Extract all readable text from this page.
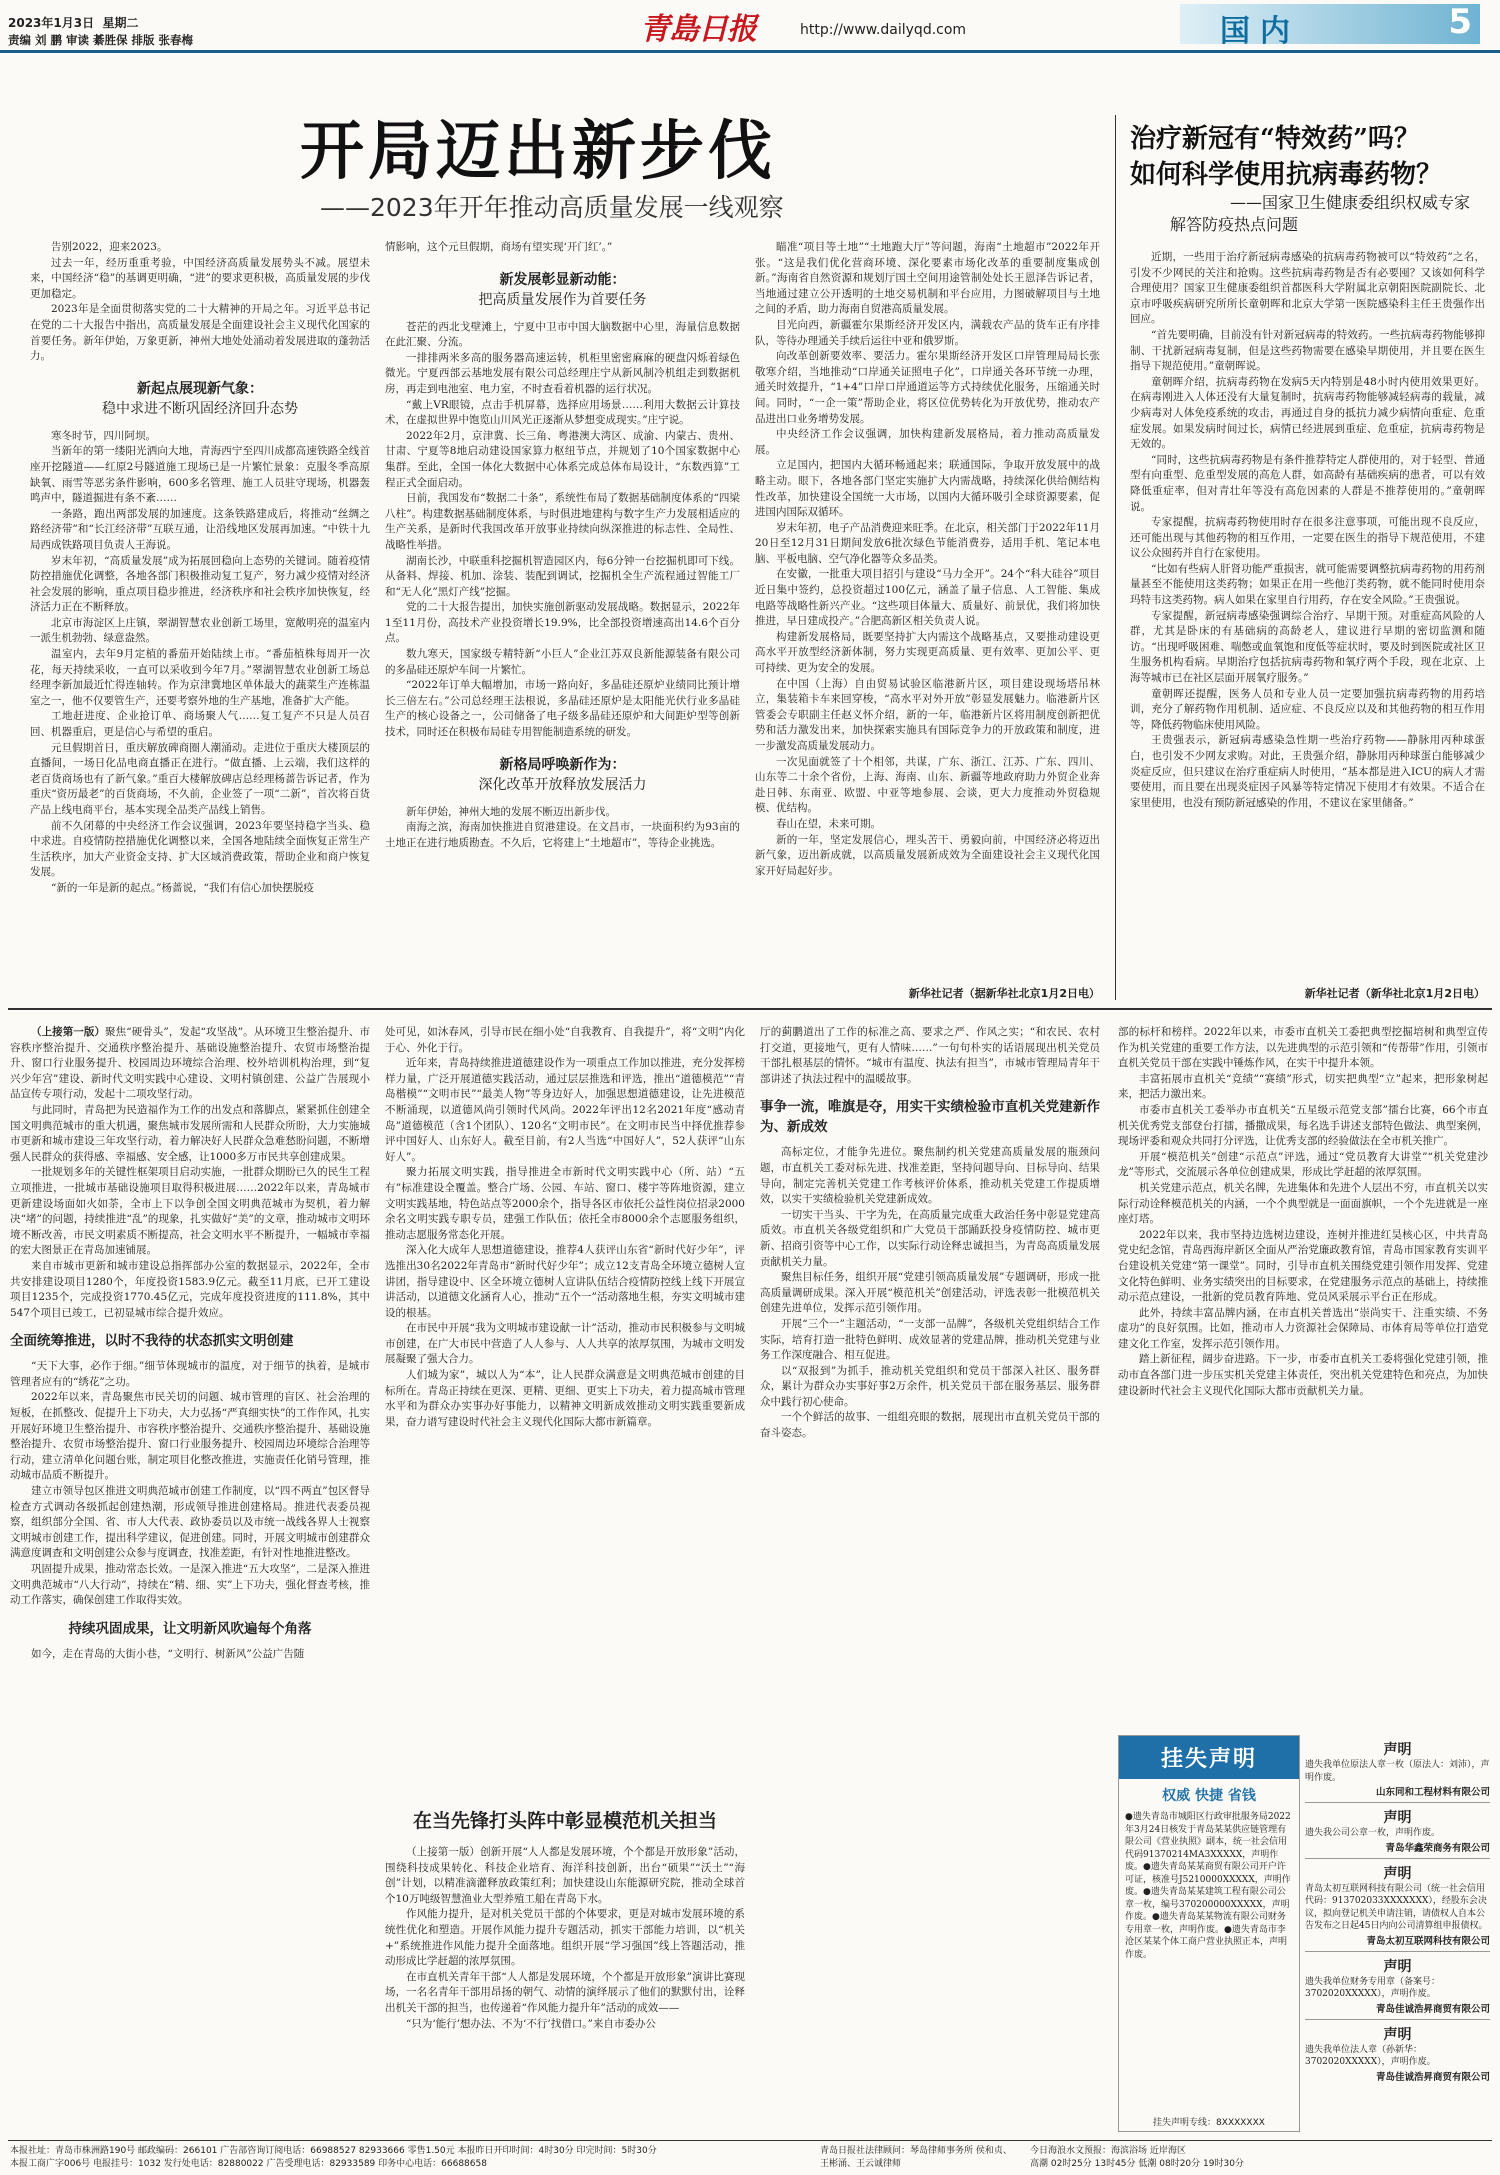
2023年1月3日 星期二
责编 刘 鹏 审读 綦胜保 排版 张春梅	青島日报	http://www.dailyqd.com	国内	5
开局迈出新步伐
——2023年开年推动高质量发展一线观察

告别2022，迎来2023。

过去一年，经历重重考验，中国经济高质量发展势头不减。展望未来，中国经济“稳”的基调更明确，“进”的要求更积极，高质量发展的步伐更加稳定。

2023年是全面贯彻落实党的二十大精神的开局之年。习近平总书记在党的二十大报告中指出，高质量发展是全面建设社会主义现代化国家的首要任务。新年伊始，万象更新，神州大地处处涌动着发展进取的蓬勃活力。

新起点展现新气象：
稳中求进不断巩固经济回升态势

寒冬时节，四川阿坝。

当新年的第一缕阳光洒向大地，青海西宁至四川成都高速铁路全线首座开挖隧道——红原2号隧道施工现场已是一片繁忙景象：克服冬季高原缺氧、雨雪等恶劣条件影响，600多名管理、施工人员驻守现场，机器轰鸣声中，隧道掘进有条不紊……

一条路，跑出两部发展的加速度。这条铁路建成后，将推动“丝绸之路经济带”和“长江经济带”互联互通，让沿线地区发展再加速。“中铁十九局西成铁路项目负责人王海说。

岁末年初，“高质量发展”成为拓展回稳向上态势的关键词。随着疫情防控措施优化调整，各地各部门积极推动复工复产，努力减少疫情对经济社会发展的影响，重点项目稳步推进，经济秩序和社会秩序加快恢复，经济活力正在不断释放。

北京市海淀区上庄镇，翠湖智慧农业创新工场里，宽敞明亮的温室内一派生机勃勃、绿意盎然。

温室内，去年9月定植的番茄开始陆续上市。“番茄植株每周开一次花，每天持续采收，一直可以采收到今年7月。”翠湖智慧农业创新工场总经理李新加最近忙得连轴转。作为京津冀地区单体最大的蔬菜生产连栋温室之一，他不仅要管生产，还要考察外地的生产基地，准备扩大产能。

工地赶进度、企业抢订单、商场聚人气……复工复产不只是人员召回、机器重启，更是信心与希望的重启。

元旦假期首日，重庆解放碑商圈人潮涌动。走进位于重庆大楼顶层的直播间，一场日化品电商直播正在进行。“做直播、上云端，我们这样的老百货商场也有了新气象。”重百大楼解放碑店总经理杨蔷告诉记者，作为重庆“资历最老”的百货商场，不久前，企业签了一项“二新”，首次将百货产品上线电商平台，基本实现全品类产品线上销售。

前不久闭幕的中央经济工作会议强调，2023年要坚持稳字当头、稳中求进。自疫情防控措施优化调整以来，全国各地陆续全面恢复正常生产生活秩序，加大产业资金支持、扩大区域消费政策，帮助企业和商户恢复发展。

“新的一年是新的起点。”杨蔷说，“我们有信心加快摆脱疫

情影响，这个元旦假期，商场有望实现‘开门红’。”

新发展彰显新动能：
把高质量发展作为首要任务

苍茫的西北戈壁滩上，宁夏中卫市中国大脑数据中心里，海量信息数据在此汇聚、分流。

一排排两米多高的服务器高速运转，机柜里密密麻麻的硬盘闪烁着绿色微光。宁夏西部云基地发展有限公司总经理庄宁从新风制冷机组走到数据机房，再走到电池室、电力室，不时查看着机器的运行状况。

“戴上VR眼镜，点击手机屏幕，选择应用场景……利用大数据云计算技术，在虚拟世界中饱览山川风光正逐渐从梦想变成现实。”庄宁说。

2022年2月，京津冀、长三角、粤港澳大湾区、成渝、内蒙古、贵州、甘肃、宁夏等8地启动建设国家算力枢纽节点，并规划了10个国家数据中心集群。至此，全国一体化大数据中心体系完成总体布局设计，“东数西算”工程正式全面启动。

日前，我国发布“数据二十条”，系统性布局了数据基础制度体系的“四梁八柱”。构建数据基础制度体系，与时俱进地建构与数字生产力发展相适应的生产关系，是新时代我国改革开放事业持续向纵深推进的标志性、全局性、战略性举措。

湖南长沙，中联重科挖掘机智造园区内，每6分钟一台挖掘机即可下线。从备料、焊接、机加、涂装、装配到调试，挖掘机全生产流程通过智能工厂和“无人化”黑灯产线”挖掘。

党的二十大报告提出，加快实施创新驱动发展战略。数据显示，2022年1至11月份，高技术产业投资增长19.9%，比全部投资增速高出14.6个百分点。

数九寒天，国家级专精特新“小巨人”企业江苏双良新能源装备有限公司的多晶硅还原炉车间一片繁忙。

“2022年订单大幅增加，市场一路向好，多晶硅还原炉业绩同比预计增长三倍左右。”公司总经理王法根说，多晶硅还原炉是太阳能光伏行业多晶硅生产的核心设备之一，公司储备了电子级多晶硅还原炉和大间距炉型等创新技术，同时还在积极布局硅专用智能制造系统的研发。

新格局呼唤新作为：
深化改革开放释放发展活力

新年伊始，神州大地的发展不断迈出新步伐。

南海之滨，海南加快推进自贸港建设。在文昌市，一块面积约为93亩的土地正在进行地质勘查。不久后，它将建上“土地超市”，等待企业挑选。

瞄准“项目等土地”“土地跑大厅”等问题，海南“土地超市”2022年开张。“这是我们优化营商环境、深化要素市场化改革的重要制度集成创新。”海南省自然资源和规划厅国土空间用途管制处处长王恩泽告诉记者，当地通过建立公开透明的土地交易机制和平台应用，力图破解项目与土地之间的矛盾，助力海南自贸港高质量发展。

目光向西，新疆霍尔果斯经济开发区内，满载农产品的货车正有序排队，等待办理通关手续后运往中亚和俄罗斯。

向改革创新要效率、要活力。霍尔果斯经济开发区口岸管理局局长张敬寒介绍，当地推动“口岸通关证照电子化”，口岸通关各环节统一办理，通关时效提升，“1+4”口岸口岸通道运等方式持续优化服务，压缩通关时间。同时，“一企一策”帮助企业，将区位优势转化为开放优势，推动农产品进出口业务增势发展。

中央经济工作会议强调，加快构建新发展格局，着力推动高质量发展。

立足国内，把国内大循环畅通起来；联通国际，争取开放发展中的战略主动。眼下，各地各部门坚定实施扩大内需战略，持续深化供给侧结构性改革，加快建设全国统一大市场，以国内大循环吸引全球资源要素，促进国内国际双循环。

岁末年初，电子产品消费迎来旺季。在北京，相关部门于2022年11月20日至12月31日期间发放6批次绿色节能消费券，适用手机、笔记本电脑、平板电脑、空气净化器等众多品类。

在安徽，一批重大项目招引与建设“马力全开”。24个“科大硅谷”项目近日集中签约，总投资超过100亿元，涵盖了量子信息、人工智能、集成电路等战略性新兴产业。“这些项目体量大、质量好、前景优，我们将加快推进，早日建成投产。”合肥高新区相关负责人说。

构建新发展格局，既要坚持扩大内需这个战略基点，又要推动建设更高水平开放型经济新体制，努力实现更高质量、更有效率、更加公平、更可持续、更为安全的发展。

在中国（上海）自由贸易试验区临港新片区，项目建设现场塔吊林立，集装箱卡车来回穿梭，“高水平对外开放”彰显发展魅力。临港新片区管委会专职副主任赵义怀介绍，新的一年，临港新片区将用制度创新把优势和活力激发出来，加快探索实施具有国际竞争力的开放政策和制度，进一步激发高质量发展动力。

一次见面就签了十个相邻，共谋，广东、浙江、江苏、广东、四川、山东等二十余个省份，上海、海南、山东、新疆等地政府助力外贸企业奔赴日韩、东南亚、欧盟、中亚等地参展、会谈，更大力度推动外贸稳规模、优结构。

春山在望，未来可期。

新的一年，坚定发展信心，埋头苦干、勇毅向前，中国经济必将迈出新气象，迈出新成就，以高质量发展新成效为全面建设社会主义现代化国家开好局起好步。

新华社记者（据新华社北京1月2日电）
治疗新冠有“特效药”吗？
如何科学使用抗病毒药物？
——国家卫生健康委组织权威专家
解答防疫热点问题

近期，一些用于治疗新冠病毒感染的抗病毒药物被可以“特效药”之名，引发不少网民的关注和抢购。这些抗病毒药物是否有必要囤？又该如何科学合理使用？国家卫生健康委组织首都医科大学附属北京朝阳医院副院长、北京市呼吸疾病研究所所长童朝晖和北京大学第一医院感染科主任王贵强作出回应。

“首先要明确，目前没有针对新冠病毒的特效药。一些抗病毒药物能够抑制、干扰新冠病毒复制，但是这些药物需要在感染早期使用，并且要在医生指导下规范使用。”童朝晖说。

童朝晖介绍，抗病毒药物在发病5天内特别是48小时内使用效果更好。在病毒刚进入人体还没有大量复制时，抗病毒药物能够减轻病毒的载量，减少病毒对人体免疫系统的攻击，再通过自身的抵抗力减少病情向重症、危重症发展。如果发病时间过长，病情已经进展到重症、危重症，抗病毒药物是无效的。

“同时，这些抗病毒药物是有条件推荐特定人群使用的，对于轻型、普通型有向重型、危重型发展的高危人群，如高龄有基础疾病的患者，可以有效降低重症率，但对青壮年等没有高危因素的人群是不推荐使用的。”童朝晖说。

专家提醒，抗病毒药物使用时存在很多注意事项，可能出现不良反应，还可能出现与其他药物的相互作用，一定要在医生的指导下规范使用，不建议公众囤药并自行在家使用。

“比如有些病人肝肾功能严重损害，就可能需要调整抗病毒药物的用药剂量甚至不能使用这类药物；如果正在用一些他汀类药物，就不能同时使用奈玛特韦这类药物。病人如果在家里自行用药，存在安全风险。”王贵强说。

专家提醒，新冠病毒感染强调综合治疗、早期干预。对重症高风险的人群，尤其是卧床的有基础病的高龄老人，建议进行早期的密切监测和随访。“出现呼吸困难、喘憋或血氧饱和度低等症状时，要及时到医院或社区卫生服务机构看病。早期治疗包括抗病毒药物和氧疗两个手段，现在北京、上海等城市已在社区层面开展氧疗服务。”

童朝晖还提醒，医务人员和专业人员一定要加强抗病毒药物的用药培训，充分了解药物作用机制、适应症、不良反应以及和其他药物的相互作用等，降低药物临床使用风险。

王贵强表示，新冠病毒感染急性期一些治疗药物——静脉用丙种球蛋白，也引发不少网友求购。对此，王贵强介绍，静脉用丙种球蛋白能够减少炎症反应，但只建议在治疗重症病人时使用，“基本都是进入ICU的病人才需要使用，而且要在出现炎症因子风暴等特定情况下使用才有效果。不适合在家里使用，也没有预防新冠感染的作用，不建议在家里储备。”

新华社记者（新华社北京1月2日电）

（上接第一版）聚焦“硬骨头”，发起“攻坚战”。从环境卫生整治提升、市容秩序整治提升、交通秩序整治提升、基础设施整治提升、农贸市场整治提升、窗口行业服务提升、校园周边环境综合治理、校外培训机构治理，到“复兴少年宫”建设、新时代文明实践中心建设、文明村镇创建、公益广告展现小品宣传专项行动，发起十二项攻坚行动。

与此同时，青岛把为民造福作为工作的出发点和落脚点，紧紧抓住创建全国文明典范城市的重大机遇，聚焦城市发展所需和人民群众所盼，大力实施城市更新和城市建设三年攻坚行动，着力解决好人民群众急难愁盼问题，不断增强人民群众的获得感、幸福感、安全感，让1000多万市民共享创建成果。

一批规划多年的关键性框架项目启动实施，一批群众期盼已久的民生工程立项推进，一批城市基础设施项目取得积极进展……2022年以来，青岛城市更新建设场面如火如荼，全市上下以争创全国文明典范城市为契机，着力解决“堵”的问题，持续推进“乱”的现象，扎实做好“美”的文章，推动城市文明环境不断改善，市民文明素质不断提高，社会文明水平不断提升，一幅城市幸福的宏大图景正在青岛加速铺展。

来自市城市更新和城市建设总指挥部办公室的数据显示，2022年，全市共安排建设项目1280个，年度投资1583.9亿元。截至11月底，已开工建设项目1235个，完成投资1770.45亿元，完成年度投资进度的111.8%，其中547个项目已竣工，已初显城市综合提升效应。

全面统筹推进，以时不我待的状态抓实文明创建

“天下大事，必作于细。”细节体现城市的温度，对于细节的执着，是城市管理者应有的“绣花”之功。

2022年以来，青岛聚焦市民关切的问题、城市管理的盲区、社会治理的短板，在抓整改、促提升上下功夫，大力弘扬“严真细实快”的工作作风，扎实开展好环境卫生整治提升、市容秩序整治提升、交通秩序整治提升、基础设施整治提升、农贸市场整治提升、窗口行业服务提升、校园周边环境综合治理等行动，建立清单化问题台账，制定项目化整改推进，实施责任化销号管理，推动城市品质不断提升。

建立市领导包区推进文明典范城市创建工作制度，以“四不两直”包区督导检查方式调动各级抓起创建热潮，形成领导推进创建格局。推进代表委员视察，组织部分全国、省、市人大代表、政协委员以及市统一战线各界人士视察文明城市创建工作，提出科学建议，促进创建。同时，开展文明城市创建群众满意度调查和文明创建公众参与度调查，找准差距，有针对性地推进整改。

巩固提升成果，推动常态长效。一是深入推进“五大攻坚”，二是深入推进文明典范城市“八大行动”，持续在“精、细、实”上下功夫，强化督查考核，推动工作落实，确保创建工作取得实效。

持续巩固成果，让文明新风吹遍每个角落

如今，走在青岛的大街小巷，“文明行、树新风”公益广告随

处可见，如沐春风，引导市民在细小处“自我教育、自我提升”，将“文明”内化于心、外化于行。

近年来，青岛持续推进道德建设作为一项重点工作加以推进，充分发挥榜样力量，广泛开展道德实践活动，通过层层推选和评选，推出“道德模范”“青岛楷模”“文明市民”“最美人物”等身边好人，加强思想道德建设，让先进模范不断涌现，以道德风尚引领时代风尚。2022年评出12名2021年度“感动青岛”道德模范（含1个团队）、120名“文明市民”。在文明市民当中择优推荐参评中国好人、山东好人。截至目前，有2人当选“中国好人”，52人获评“山东好人”。

聚力拓展文明实践，指导推进全市新时代文明实践中心（所、站）“五有”标准建设全覆盖。整合广场、公园、车站、窗口、楼宇等阵地资源，建立文明实践基地，特色站点等2000余个，指导各区市依托公益性岗位招录2000余名文明实践专职专员，建强工作队伍；依托全市8000余个志愿服务组织，推动志愿服务常态化开展。

深入化大成年人思想道德建设，推荐4人获评山东省“新时代好少年”，评选推出30名2022年青岛市“新时代好少年”；成立12支青岛全环境立德树人宣讲团，指导建设中、区全环境立德树人宣讲队伍结合疫情防控线上线下开展宣讲活动，以道德文化涵育人心，推动“五个一”活动落地生根，夯实文明城市建设的根基。

在市民中开展“我为文明城市建设献一计”活动，推动市民积极参与文明城市创建，在广大市民中营造了人人参与、人人共享的浓厚氛围，为城市文明发展凝聚了强大合力。

人们城为家”，城以人为“本”，让人民群众满意是文明典范城市创建的目标所在。青岛正持续在更深、更精、更细、更实上下功夫，着力提高城市管理水平和为群众办实事办好事能力，以精神文明新成效推动文明实践重要新成果，奋力谱写建设时代社会主义现代化国际大都市新篇章。

在当先锋打头阵中彰显模范机关担当

（上接第一版）创新开展“人人都是发展环境，个个都是开放形象”活动，围绕科技成果转化、科技企业培育、海洋科技创新，出台“硕果”“沃土”“海创”计划，以精准滴灌释放政策红利；加快建设山东能源研究院，推动全球首个10万吨级智慧渔业大型养殖工船在青岛下水。

作风能力提升，是对机关党员干部的个体要求，更是对城市发展环境的系统性优化和塑造。开展作风能力提升专题活动，抓实干部能力培训，以“机关+”系统推进作风能力提升全面落地。组织开展“学习强国”线上答题活动，推动形成比学赶超的浓厚氛围。

在市直机关青年干部“人人都是发展环境，个个都是开放形象”演讲比赛现场，一名名青年干部用昂扬的朝气、动情的演绎展示了他们的默默付出，诠释出机关干部的担当，也传递着“作风能力提升年”活动的成效——

“只为‘能行’想办法、不为‘不行’找借口。”来自市委办公

厅的蓟鹏道出了工作的标准之高、要求之严、作风之实；“和农民、农村打交道，更接地气，更有人情味……”一句句朴实的话语展现出机关党员干部扎根基层的情怀。“城市有温度、执法有担当”，市城市管理局青年干部讲述了执法过程中的温暖故事。

事争一流，唯旗是夺，用实干实绩检验市直机关党建新作为、新成效

高标定位，才能争先进位。聚焦制约机关党建高质量发展的瓶颈问题，市直机关工委对标先进、找准差距，坚持问题导向、目标导向、结果导向，制定完善机关党建工作考核评价体系，推动机关党建工作提质增效，以实干实绩检验机关党建新成效。

一切实干当头、干字为先，在高质量完成重大政治任务中彰显党建高质效。市直机关各级党组织和广大党员干部踊跃投身疫情防控、城市更新、招商引资等中心工作，以实际行动诠释忠诚担当，为青岛高质量发展贡献机关力量。

聚焦目标任务，组织开展“党建引领高质量发展”专题调研，形成一批高质量调研成果。深入开展“模范机关”创建活动，评选表彰一批模范机关创建先进单位，发挥示范引领作用。

开展“三个一”主题活动，“一支部一品牌”，各级机关党组织结合工作实际，培育打造一批特色鲜明、成效显著的党建品牌，推动机关党建与业务工作深度融合、相互促进。

以“双报到”为抓手，推动机关党组织和党员干部深入社区、服务群众，累计为群众办实事好事2万余件，机关党员干部在服务基层、服务群众中践行初心使命。

一个个鲜活的故事、一组组亮眼的数据，展现出市直机关党员干部的奋斗姿态。

部的标杆和榜样。2022年以来，市委市直机关工委把典型挖掘培树和典型宣传作为机关党建的重要工作方法，以先进典型的示范引领和“传帮带”作用，引领市直机关党员干部在实践中锤炼作风，在实干中提升本领。

丰富拓展市直机关“竞绩”“赛绩”形式，切实把典型“立”起来，把形象树起来，把活力激出来。

市委市直机关工委举办市直机关“五星级示范党支部”擂台比赛，66个市直机关优秀党支部登台打擂，播撒成果，每名选手讲述支部特色做法、典型案例，现场评委和观众共同打分评选，让优秀支部的经验做法在全市机关推广。

开展“模范机关”创建“示范点”评选，通过“党员教育大讲堂”“机关党建沙龙”等形式，交流展示各单位创建成果，形成比学赶超的浓厚氛围。

机关党建示范点，机关名牌，先进集体和先进个人层出不穷，市直机关以实际行动诠释模范机关的内涵，一个个典型就是一面面旗帜，一个个先进就是一座座灯塔。

2022年以来，我市坚持边选树边建设，连树并推进红昊核心区，中共青岛党史纪念馆，青岛西海岸新区全面从严治党廉政教育馆，青岛市国家教育实训平台建设机关党建“第一课堂”。同时，引导市直机关围绕党建引领作用发挥、党建文化特色鲜明、业务实绩突出的目标要求，在党建服务示范点的基础上，持续推动示范点建设，一批新的党员教育阵地、党员风采展示平台正在形成。

此外，持续丰富品牌内涵，在市直机关普选出“崇尚实干、注重实绩、不务虚功”的良好氛围。比如，推动市人力资源社会保障局、市体育局等单位打造党建文化工作室，发挥示范引领作用。

踏上新征程，阔步奋进路。下一步，市委市直机关工委将强化党建引领，推动市直各部门进一步压实机关党建主体责任，突出机关党建特色和亮点，为加快建设新时代社会主义现代化国际大都市贡献机关力量。

挂失声明
权威 快捷 省钱
●遗失青岛市城阳区行政审批服务局2022年3月24日核发于青岛某某供应链管理有限公司《营业执照》副本，统一社会信用代码91370214MA3XXXXX，声明作废。●遗失青岛某某商贸有限公司开户许可证，核准号J5210000XXXXX，声明作废。●遗失青岛某某建筑工程有限公司公章一枚，编号370200000XXXXX，声明作废。●遗失青岛某某物流有限公司财务专用章一枚，声明作废。●遗失青岛市李沧区某某个体工商户营业执照正本，声明作废。
挂失声明专线：8XXXXXXX
声明
遗失我单位原法人章一枚（原法人：刘沛），声明作废。
山东同和工程材料有限公司
声明
遗失我公司公章一枚，声明作废。
青岛华鑫荣商务有限公司
声明
青岛太初互联网科技有限公司（统一社会信用代码：913702033XXXXXXX），经股东会决议，拟向登记机关申请注销，请债权人自本公告发布之日起45日内向公司清算组申报债权。
青岛太初互联网科技有限公司
声明
遗失我单位财务专用章（备案号：3702020XXXXX），声明作废。
青岛佳诚浩昇商贸有限公司
声明
遗失我单位法人章（孙新华：3702020XXXXX），声明作废。
青岛佳诚浩昇商贸有限公司
本报社址：青岛市株洲路190号 邮政编码：266101 广告部咨询订阅电话：66988527 82933666 零售1.50元 本报昨日开印时间：4时30分 印完时间：5时30分
本报工商广字006号 电报挂号：1032 发行处电话：82880022 广告受理电话：82933589 印务中心电话：66688658
青岛日报社法律顾问：琴岛律师事务所 侯和贞、王彬涌、王云诚律师
今日海浪水文预报：海滨浴场 近岸海区
高潮 02时25分 13时45分 低潮 08时20分 19时30分
